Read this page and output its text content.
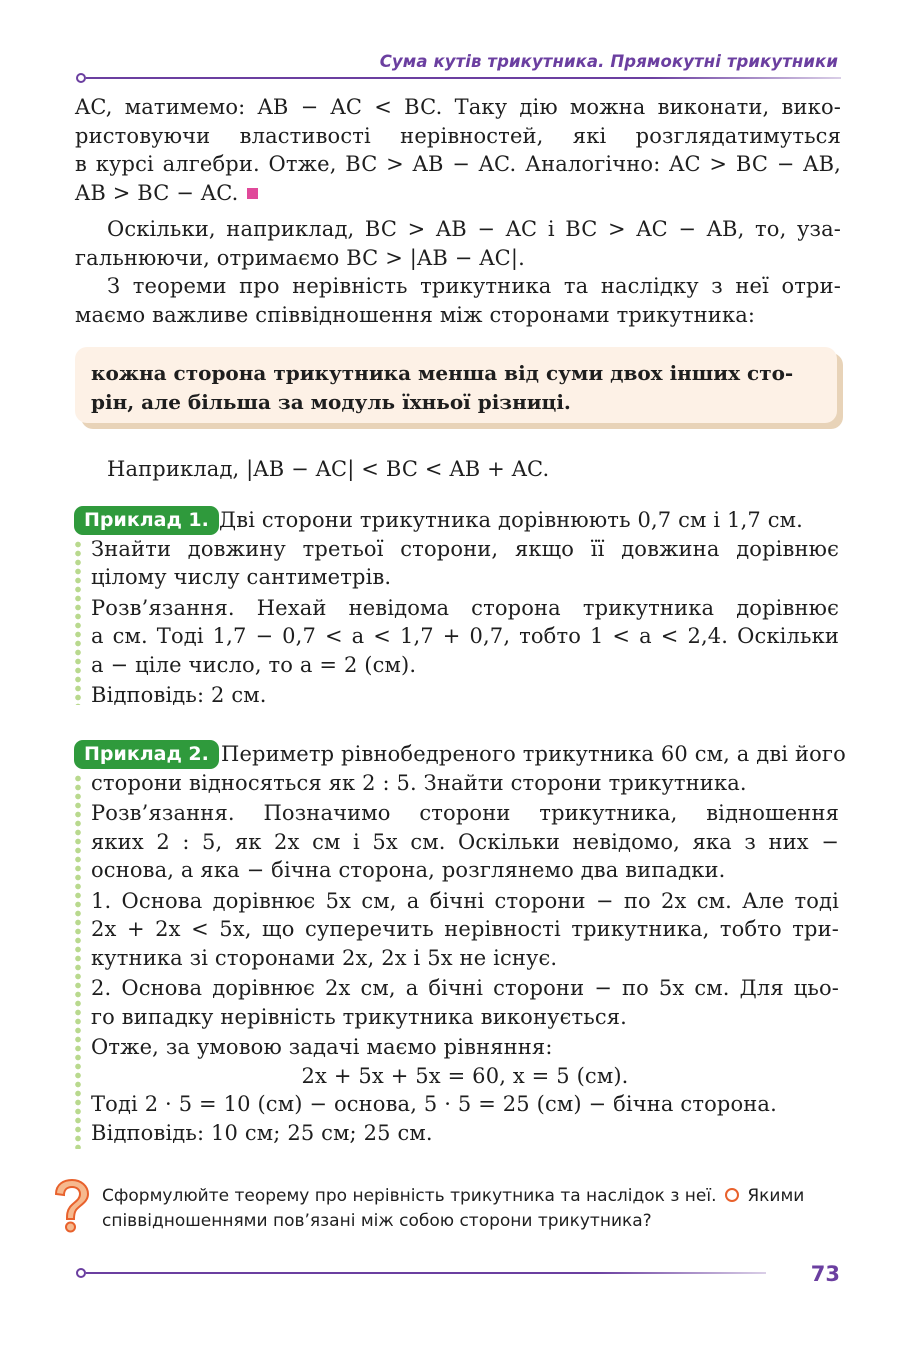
Сума кутів трикутника. Прямокутні трикутники
AC, матимемо: AB − AC < BC. Таку дію можна виконати, вико-
ристовуючи властивості нерівностей, які розглядатимуться
в курсі алгебри. Отже, BC > AB − AC. Аналогічно: AC > BC − AB,
AB > BC − AC.
Оскільки, наприклад, BC > AB − AC і BC > AC − AB, то, уза-
гальнюючи, отримаємо BC > |AB − AC|.
З теореми про нерівність трикутника та наслідку з неї отри-
маємо важливе співвідношення між сторонами трикутника:
кожна сторона трикутника менша від суми двох інших сто-
рін, але більша за модуль їхньої різниці.
Наприклад, |AB − AC| < BC < AB + AC.
Приклад 1. Дві сторони трикутника дорівнюють 0,7 см і 1,7 см.
Знайти довжину третьої сторони, якщо її довжина дорівнює
цілому числу сантиметрів.
Розв’язання. Нехай невідома сторона трикутника дорівнює
a см. Тоді 1,7 − 0,7 < a < 1,7 + 0,7, тобто 1 < a < 2,4. Оскільки
a − ціле число, то a = 2 (см).
Відповідь: 2 см.
Приклад 2. Периметр рівнобедреного трикутника 60 см, а дві його
сторони відносяться як 2 : 5. Знайти сторони трикутника.
Розв’язання. Позначимо сторони трикутника, відношення
яких 2 : 5, як 2x см і 5x см. Оскільки невідомо, яка з них −
основа, а яка − бічна сторона, розглянемо два випадки.
1. Основа дорівнює 5x см, а бічні сторони − по 2x см. Але тоді
2x + 2x < 5x, що суперечить нерівності трикутника, тобто три-
кутника зі сторонами 2x, 2x і 5x не існує.
2. Основа дорівнює 2x см, а бічні сторони − по 5x см. Для цьо-
го випадку нерівність трикутника виконується.
Отже, за умовою задачі маємо рівняння:
2x + 5x + 5x = 60, x = 5 (см).
Тоді 2 · 5 = 10 (см) − основа, 5 · 5 = 25 (см) − бічна сторона.
Відповідь: 10 см; 25 см; 25 см.
Сформулюйте теорему про нерівність трикутника та наслідок з неї. Якими
співвідношеннями пов’язані між собою сторони трикутника?
73
